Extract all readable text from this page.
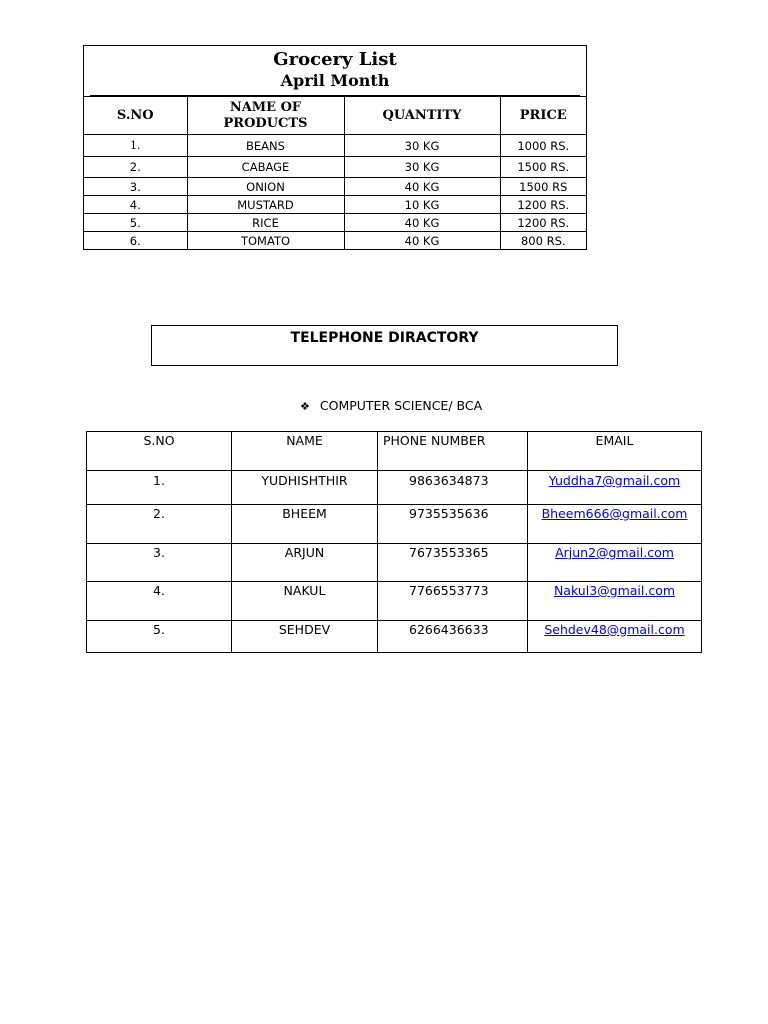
Grocery List
April Month
S.NO	NAME OF PRODUCTS	QUANTITY	PRICE
1.	BEANS	30 KG	1000 RS.
2.	CABAGE	30 KG	1500 RS.
3.	ONION	40 KG	1500 RS
4.	MUSTARD	10 KG	1200 RS.
5.	RICE	40 KG	1200 RS.
6.	TOMATO	40 KG	800 RS.
TELEPHONE DIRACTORY
❖ COMPUTER SCIENCE/ BCA
S.NO	NAME	PHONE NUMBER	EMAIL
1.	YUDHISHTHIR	9863634873	Yuddha7@gmail.com
2.	BHEEM	9735535636	Bheem666@gmail.com
3.	ARJUN	7673553365	Arjun2@gmail.com
4.	NAKUL	7766553773	Nakul3@gmail.com
5.	SEHDEV	6266436633	Sehdev48@gmail.com
